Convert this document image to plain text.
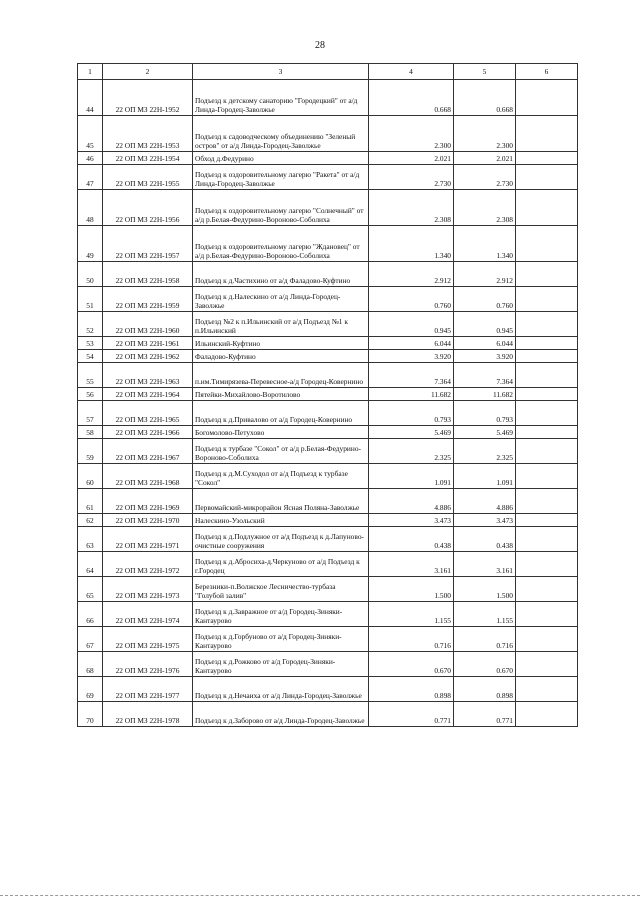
28
1	2	3	4	5	6
44	22 ОП МЗ 22Н-1952	Подъезд к детскому санаторию "Городецкий" от а/д Линда-Городец-Заволжье	0.668	0.668	
45	22 ОП МЗ 22Н-1953	Подъезд к садоводческому объединению "Зеленый остров" от а/д Линда-Городец-Заволжье	2.300	2.300	
46	22 ОП МЗ 22Н-1954	Обход д.Федурино	2.021	2.021	
47	22 ОП МЗ 22Н-1955	Подъезд к оздоровительному лагерю "Ракета" от а/д Линда-Городец-Заволжье	2.730	2.730	
48	22 ОП МЗ 22Н-1956	Подъезд к оздоровительному лагерю "Солнечный" от а/д р.Белая-Федурино-Вороново-Соболиха	2.308	2.308	
49	22 ОП МЗ 22Н-1957	Подъезд к оздоровительному лагерю "Ждановец" от а/д р.Белая-Федурино-Вороново-Соболиха	1.340	1.340	
50	22 ОП МЗ 22Н-1958	Подъезд к д.Частихино от а/д Фаладово-Куфтино	2.912	2.912	
51	22 ОП МЗ 22Н-1959	Подъезд к д.Налескино от а/д Линда-Городец-Заволжье	0.760	0.760	
52	22 ОП МЗ 22Н-1960	Подъезд №2 к п.Ильинский от а/д Подъезд №1 к п.Ильинский	0.945	0.945	
53	22 ОП МЗ 22Н-1961	Ильинский-Куфтино	6.044	6.044	
54	22 ОП МЗ 22Н-1962	Фаладово-Куфтино	3.920	3.920	
55	22 ОП МЗ 22Н-1963	п.им.Тимирязева-Перевесное-а/д Городец-Ковернино	7.364	7.364	
56	22 ОП МЗ 22Н-1964	Пятейки-Михайлово-Воротилово	11.682	11.682	
57	22 ОП МЗ 22Н-1965	Подъезд к д.Привалово от а/д Городец-Ковернино	0.793	0.793	
58	22 ОП МЗ 22Н-1966	Богомолово-Петухово	5.469	5.469	
59	22 ОП МЗ 22Н-1967	Подъезд к турбазе "Сокол" от а/д р.Белая-Федурино-Вороново-Соболиха	2.325	2.325	
60	22 ОП МЗ 22Н-1968	Подъезд к д.М.Суходол от а/д Подъезд к турбазе "Сокол"	1.091	1.091	
61	22 ОП МЗ 22Н-1969	Первомайский-микрорайон Ясная Поляна-Заволжье	4.886	4.886	
62	22 ОП МЗ 22Н-1970	Налескино-Узольский	3.473	3.473	
63	22 ОП МЗ 22Н-1971	Подъезд к д.Подлужное от а/д Подъезд к д.Лапуново-очистные сооружения	0.438	0.438	
64	22 ОП МЗ 22Н-1972	Подъезд к д.Абросиха-д.Черкуново от а/д Подъезд к г.Городец	3.161	3.161	
65	22 ОП МЗ 22Н-1973	Березники-п.Волжское Лесничество-турбаза "Голубой залив"	1.500	1.500	
66	22 ОП МЗ 22Н-1974	Подъезд к д.Завражное от а/д Городец-Зиняки-Кантаурово	1.155	1.155	
67	22 ОП МЗ 22Н-1975	Подъезд к д.Горбуново от а/д Городец-Зиняки-Кантаурово	0.716	0.716	
68	22 ОП МЗ 22Н-1976	Подъезд к д.Рожково от а/д Городец-Зиняки-Кантаурово	0.670	0.670	
69	22 ОП МЗ 22Н-1977	Подъезд к д.Нечаиха от а/д Линда-Городец-Заволжье	0.898	0.898	
70	22 ОП МЗ 22Н-1978	Подъезд к д.Заборово от а/д Линда-Городец-Заволжье	0.771	0.771	
